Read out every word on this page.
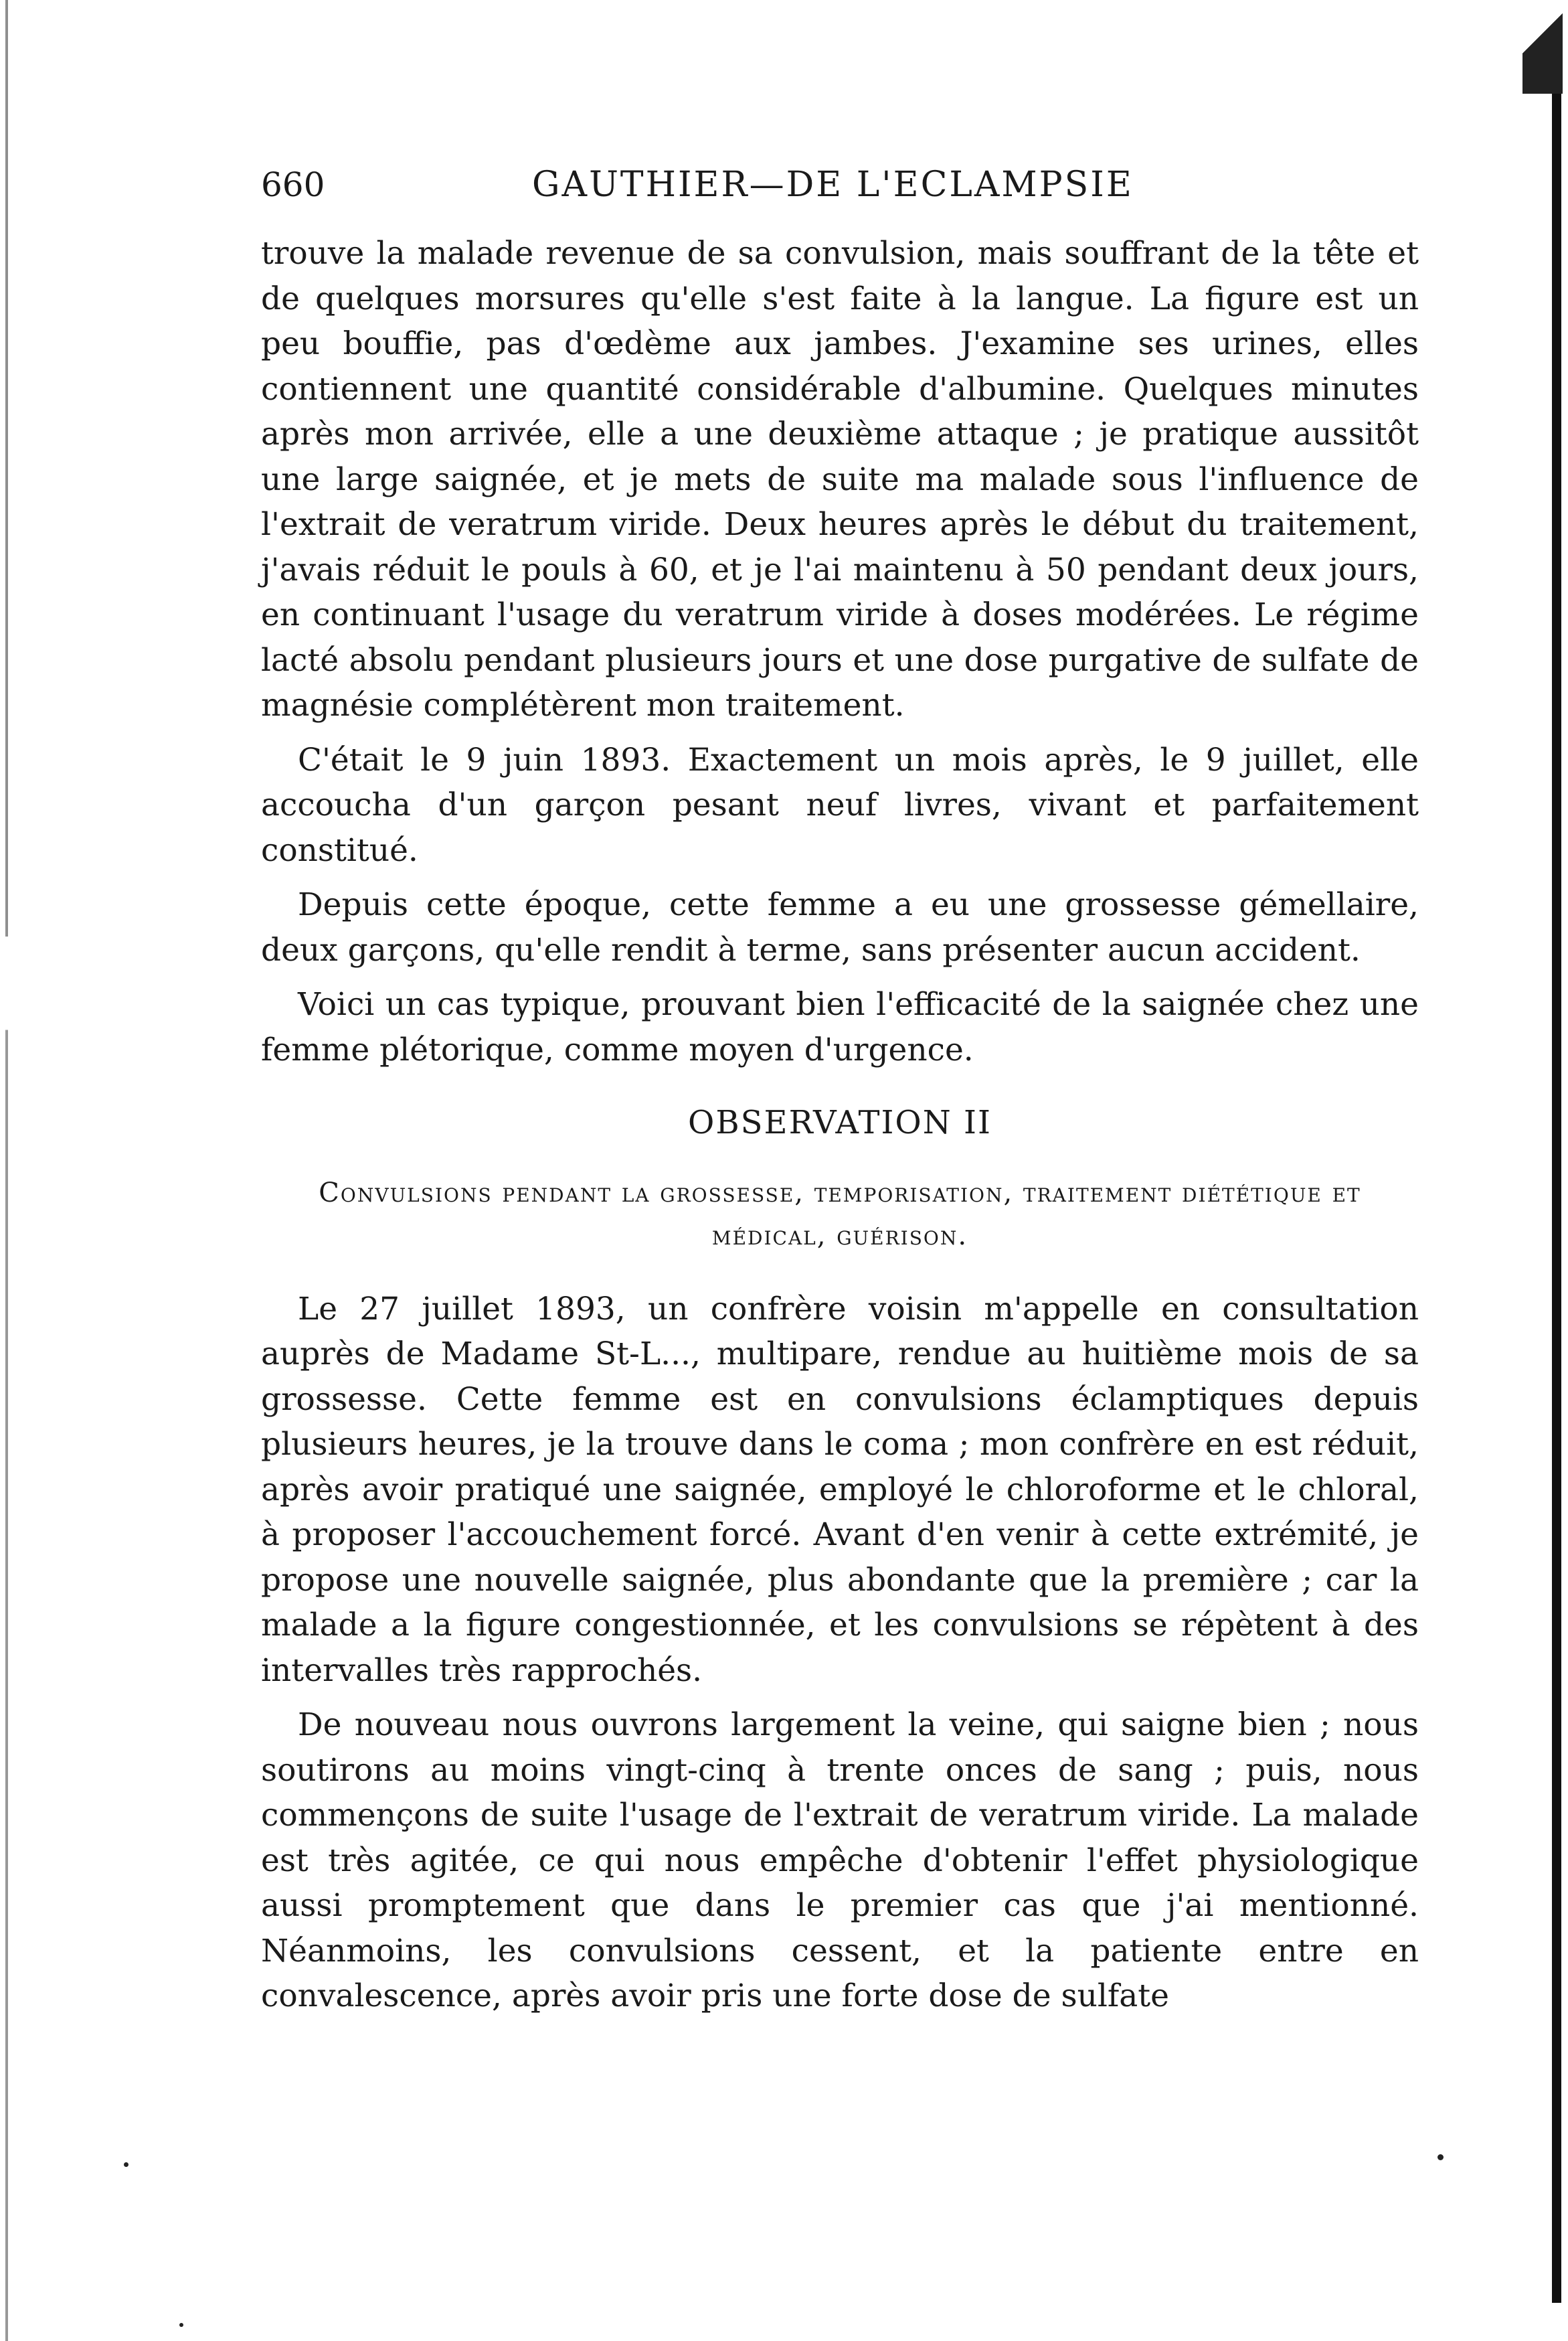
660	GAUTHIER—DE L'ECLAMPSIE

trouve la malade revenue de sa convulsion, mais souffrant de la tête et de quelques morsures qu'elle s'est faite à la langue. La figure est un peu bouffie, pas d'œdème aux jambes. J'examine ses urines, elles contiennent une quantité considérable d'albumine. Quelques minutes après mon arrivée, elle a une deuxième attaque ; je pratique aussitôt une large saignée, et je mets de suite ma malade sous l'influence de l'extrait de veratrum viride. Deux heures après le début du traitement, j'avais réduit le pouls à 60, et je l'ai maintenu à 50 pendant deux jours, en continuant l'usage du veratrum viride à doses modérées. Le régime lacté absolu pendant plusieurs jours et une dose purgative de sulfate de magnésie complétèrent mon traitement.

C'était le 9 juin 1893. Exactement un mois après, le 9 juillet, elle accoucha d'un garçon pesant neuf livres, vivant et parfaitement constitué.

Depuis cette époque, cette femme a eu une grossesse gémellaire, deux garçons, qu'elle rendit à terme, sans présenter aucun accident.

Voici un cas typique, prouvant bien l'efficacité de la saignée chez une femme plétorique, comme moyen d'urgence.

OBSERVATION II

Convulsions pendant la grossesse, temporisation, traitement diététique et médical, guérison.

Le 27 juillet 1893, un confrère voisin m'appelle en consultation auprès de Madame St-L..., multipare, rendue au huitième mois de sa grossesse. Cette femme est en convulsions éclamptiques depuis plusieurs heures, je la trouve dans le coma ; mon confrère en est réduit, après avoir pratiqué une saignée, employé le chloroforme et le chloral, à proposer l'accouchement forcé. Avant d'en venir à cette extrémité, je propose une nouvelle saignée, plus abondante que la première ; car la malade a la figure congestionnée, et les convulsions se répètent à des intervalles très rapprochés.

De nouveau nous ouvrons largement la veine, qui saigne bien ; nous soutirons au moins vingt-cinq à trente onces de sang ; puis, nous commençons de suite l'usage de l'extrait de veratrum viride. La malade est très agitée, ce qui nous empêche d'obtenir l'effet physiologique aussi promptement que dans le premier cas que j'ai mentionné. Néanmoins, les convulsions cessent, et la patiente entre en convalescence, après avoir pris une forte dose de sulfate
